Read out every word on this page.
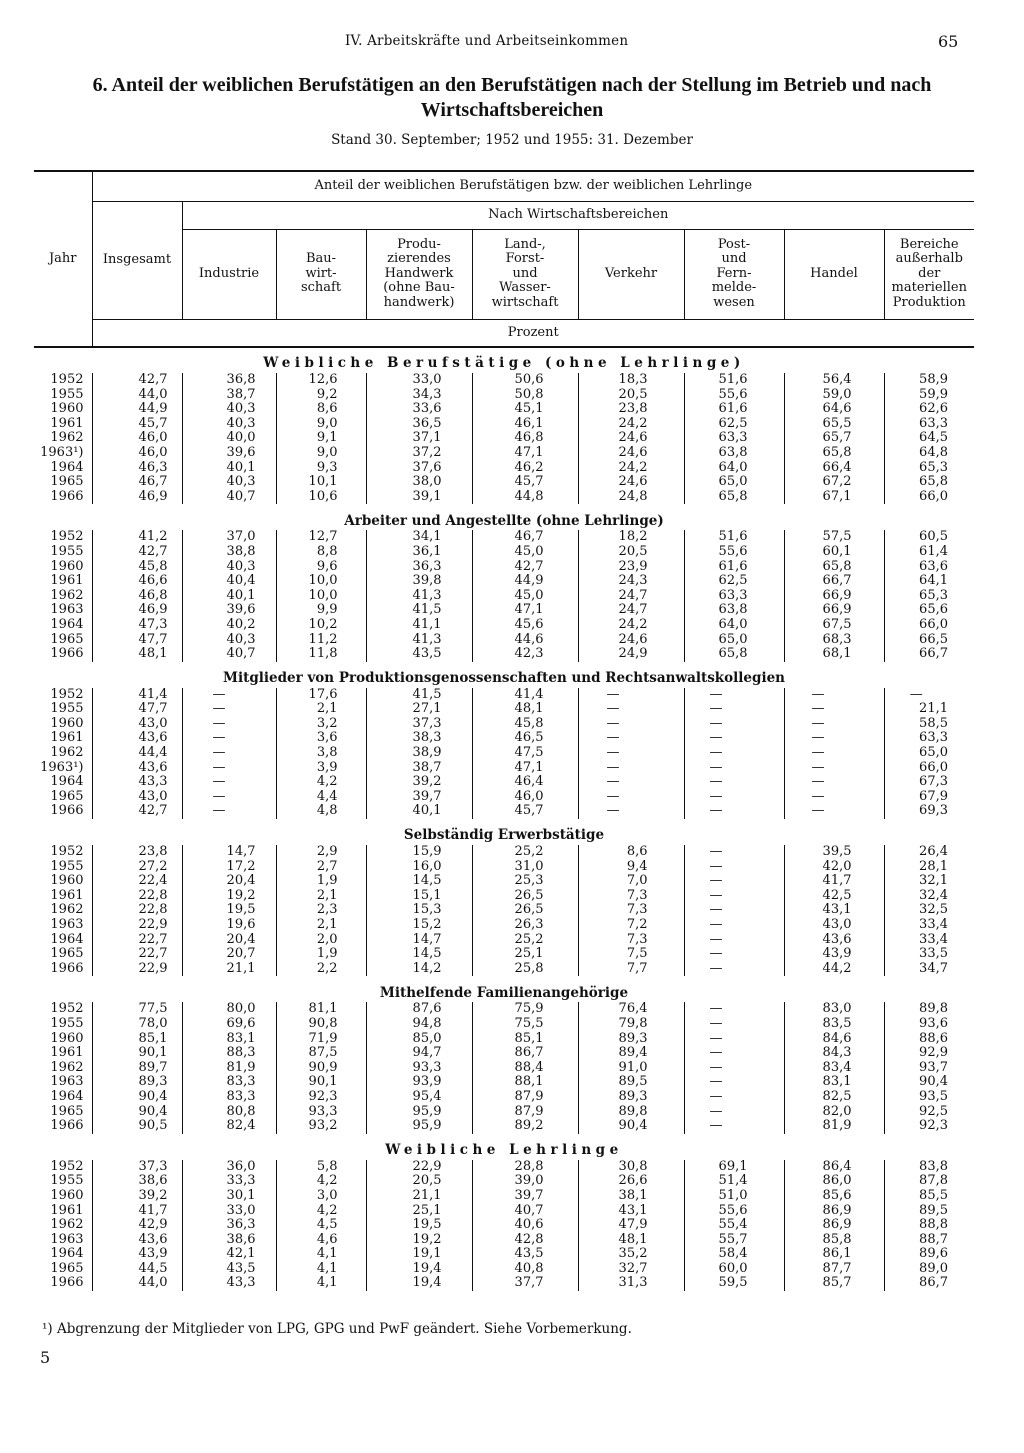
IV. Arbeitskräfte und Arbeitseinkommen	65
6. Anteil der weiblichen Berufstätigen an den Berufstätigen nach der Stellung im Betrieb und nach Wirtschaftsbereichen
Stand 30. September; 1952 und 1955: 31. Dezember
Jahr	Anteil der weiblichen Berufstätigen bzw. der weiblichen Lehrlinge								
	Insgesamt	Nach Wirtschaftsbereichen							
		Industrie	Bau-
wirt-
schaft	Produ-
zierendes
Handwerk
(ohne Bau-
handwerk)	Land-,
Forst-
und
Wasser-
wirtschaft	Verkehr	Post-
und
Fern-
melde-
wesen	Handel	Bereiche
außerhalb
der
materiellen
Produktion
	Prozent								
Weibliche Berufstätige (ohne Lehrlinge)									
1952	42,7	36,8	12,6	33,0	50,6	18,3	51,6	56,4	58,9
1955	44,0	38,7	9,2	34,3	50,8	20,5	55,6	59,0	59,9
1960	44,9	40,3	8,6	33,6	45,1	23,8	61,6	64,6	62,6
1961	45,7	40,3	9,0	36,5	46,1	24,2	62,5	65,5	63,3
1962	46,0	40,0	9,1	37,1	46,8	24,6	63,3	65,7	64,5
1963¹)	46,0	39,6	9,0	37,2	47,1	24,6	63,8	65,8	64,8
1964	46,3	40,1	9,3	37,6	46,2	24,2	64,0	66,4	65,3
1965	46,7	40,3	10,1	38,0	45,7	24,6	65,0	67,2	65,8
1966	46,9	40,7	10,6	39,1	44,8	24,8	65,8	67,1	66,0
Arbeiter und Angestellte (ohne Lehrlinge)									
1952	41,2	37,0	12,7	34,1	46,7	18,2	51,6	57,5	60,5
1955	42,7	38,8	8,8	36,1	45,0	20,5	55,6	60,1	61,4
1960	45,8	40,3	9,6	36,3	42,7	23,9	61,6	65,8	63,6
1961	46,6	40,4	10,0	39,8	44,9	24,3	62,5	66,7	64,1
1962	46,8	40,1	10,0	41,3	45,0	24,7	63,3	66,9	65,3
1963	46,9	39,6	9,9	41,5	47,1	24,7	63,8	66,9	65,6
1964	47,3	40,2	10,2	41,1	45,6	24,2	64,0	67,5	66,0
1965	47,7	40,3	11,2	41,3	44,6	24,6	65,0	68,3	66,5
1966	48,1	40,7	11,8	43,5	42,3	24,9	65,8	68,1	66,7
Mitglieder von Produktionsgenossenschaften und Rechtsanwaltskollegien									
1952	41,4	—	17,6	41,5	41,4	—	—	—	—
1955	47,7	—	2,1	27,1	48,1	—	—	—	21,1
1960	43,0	—	3,2	37,3	45,8	—	—	—	58,5
1961	43,6	—	3,6	38,3	46,5	—	—	—	63,3
1962	44,4	—	3,8	38,9	47,5	—	—	—	65,0
1963¹)	43,6	—	3,9	38,7	47,1	—	—	—	66,0
1964	43,3	—	4,2	39,2	46,4	—	—	—	67,3
1965	43,0	—	4,4	39,7	46,0	—	—	—	67,9
1966	42,7	—	4,8	40,1	45,7	—	—	—	69,3
Selbständig Erwerbstätige									
1952	23,8	14,7	2,9	15,9	25,2	8,6	—	39,5	26,4
1955	27,2	17,2	2,7	16,0	31,0	9,4	—	42,0	28,1
1960	22,4	20,4	1,9	14,5	25,3	7,0	—	41,7	32,1
1961	22,8	19,2	2,1	15,1	26,5	7,3	—	42,5	32,4
1962	22,8	19,5	2,3	15,3	26,5	7,3	—	43,1	32,5
1963	22,9	19,6	2,1	15,2	26,3	7,2	—	43,0	33,4
1964	22,7	20,4	2,0	14,7	25,2	7,3	—	43,6	33,4
1965	22,7	20,7	1,9	14,5	25,1	7,5	—	43,9	33,5
1966	22,9	21,1	2,2	14,2	25,8	7,7	—	44,2	34,7
Mithelfende Familienangehörige									
1952	77,5	80,0	81,1	87,6	75,9	76,4	—	83,0	89,8
1955	78,0	69,6	90,8	94,8	75,5	79,8	—	83,5	93,6
1960	85,1	83,1	71,9	85,0	85,1	89,3	—	84,6	88,6
1961	90,1	88,3	87,5	94,7	86,7	89,4	—	84,3	92,9
1962	89,7	81,9	90,9	93,3	88,4	91,0	—	83,4	93,7
1963	89,3	83,3	90,1	93,9	88,1	89,5	—	83,1	90,4
1964	90,4	83,3	92,3	95,4	87,9	89,3	—	82,5	93,5
1965	90,4	80,8	93,3	95,9	87,9	89,8	—	82,0	92,5
1966	90,5	82,4	93,2	95,9	89,2	90,4	—	81,9	92,3
Weibliche Lehrlinge									
1952	37,3	36,0	5,8	22,9	28,8	30,8	69,1	86,4	83,8
1955	38,6	33,3	4,2	20,5	39,0	26,6	51,4	86,0	87,8
1960	39,2	30,1	3,0	21,1	39,7	38,1	51,0	85,6	85,5
1961	41,7	33,0	4,2	25,1	40,7	43,1	55,6	86,9	89,5
1962	42,9	36,3	4,5	19,5	40,6	47,9	55,4	86,9	88,8
1963	43,6	38,6	4,6	19,2	42,8	48,1	55,7	85,8	88,7
1964	43,9	42,1	4,1	19,1	43,5	35,2	58,4	86,1	89,6
1965	44,5	43,5	4,1	19,4	40,8	32,7	60,0	87,7	89,0
1966	44,0	43,3	4,1	19,4	37,7	31,3	59,5	85,7	86,7
¹) Abgrenzung der Mitglieder von LPG, GPG und PwF geändert. Siehe Vorbemerkung.
5
